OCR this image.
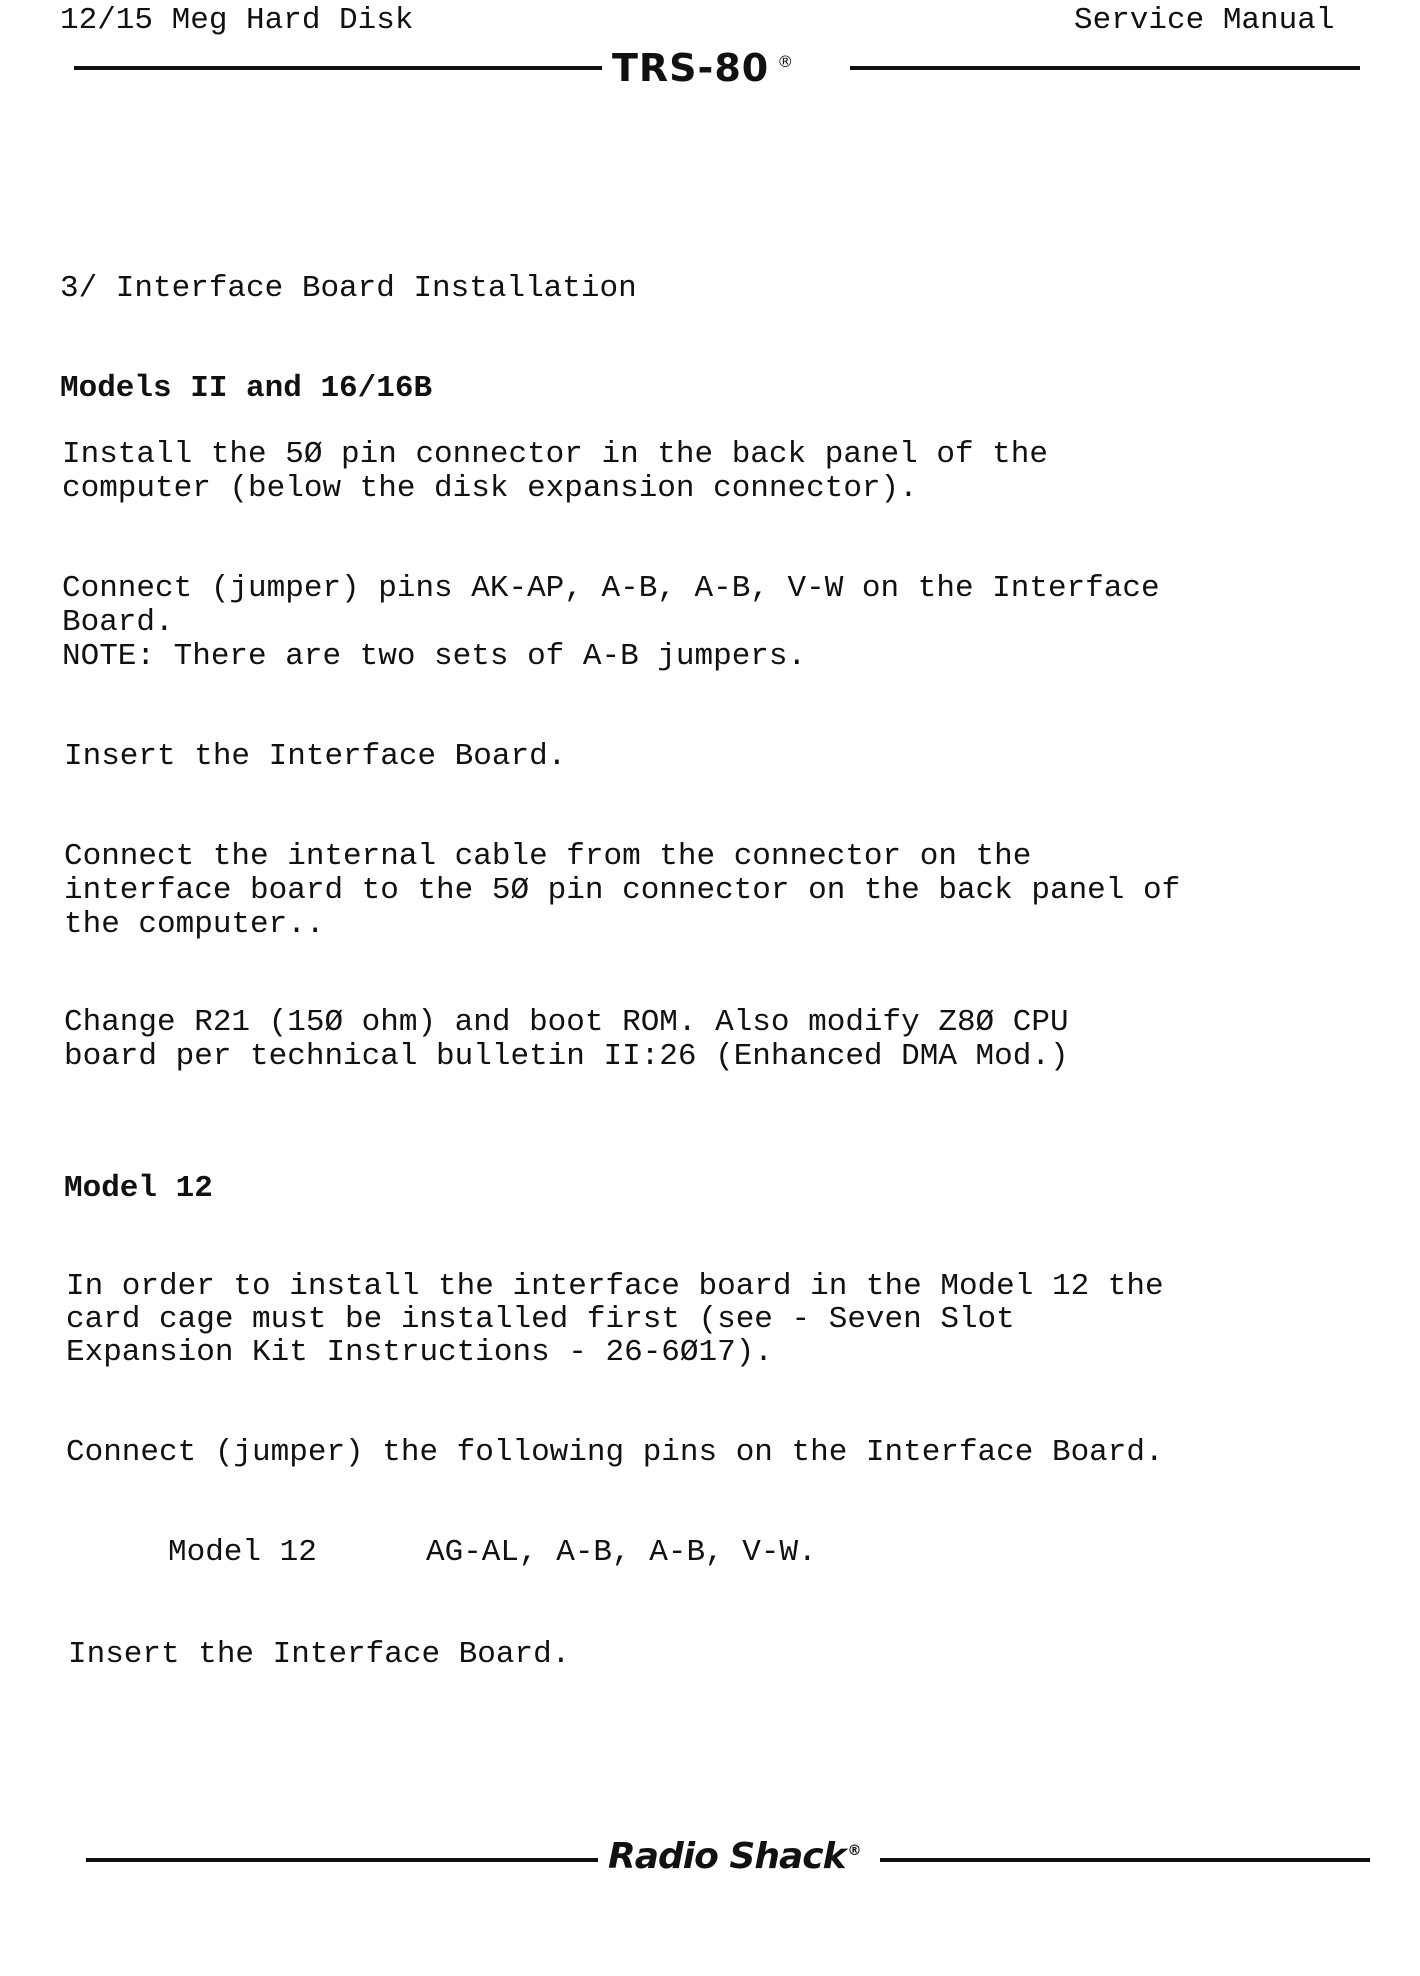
12/15 Meg Hard Disk	Service Manual
TRS-80 ®
3/ Interface Board Installation
Models II and 16/16B
Install the 5Ø pin connector in the back panel of the
computer (below the disk expansion connector).
Connect (jumper) pins AK-AP, A-B, A-B, V-W on the Interface
Board.
NOTE: There are two sets of A-B jumpers.
Insert the Interface Board.
Connect the internal cable from the connector on the
interface board to the 5Ø pin connector on the back panel of
the computer..
Change R21 (15Ø ohm) and boot ROM. Also modify Z8Ø CPU
board per technical bulletin II:26 (Enhanced DMA Mod.)
Model 12
In order to install the interface board in the Model 12 the
card cage must be installed first (see - Seven Slot
Expansion Kit Instructions - 26-6Ø17).
Connect (jumper) the following pins on the Interface Board.
Model 12	AG-AL, A-B, A-B, V-W.
Insert the Interface Board.
Radio Shack ®
